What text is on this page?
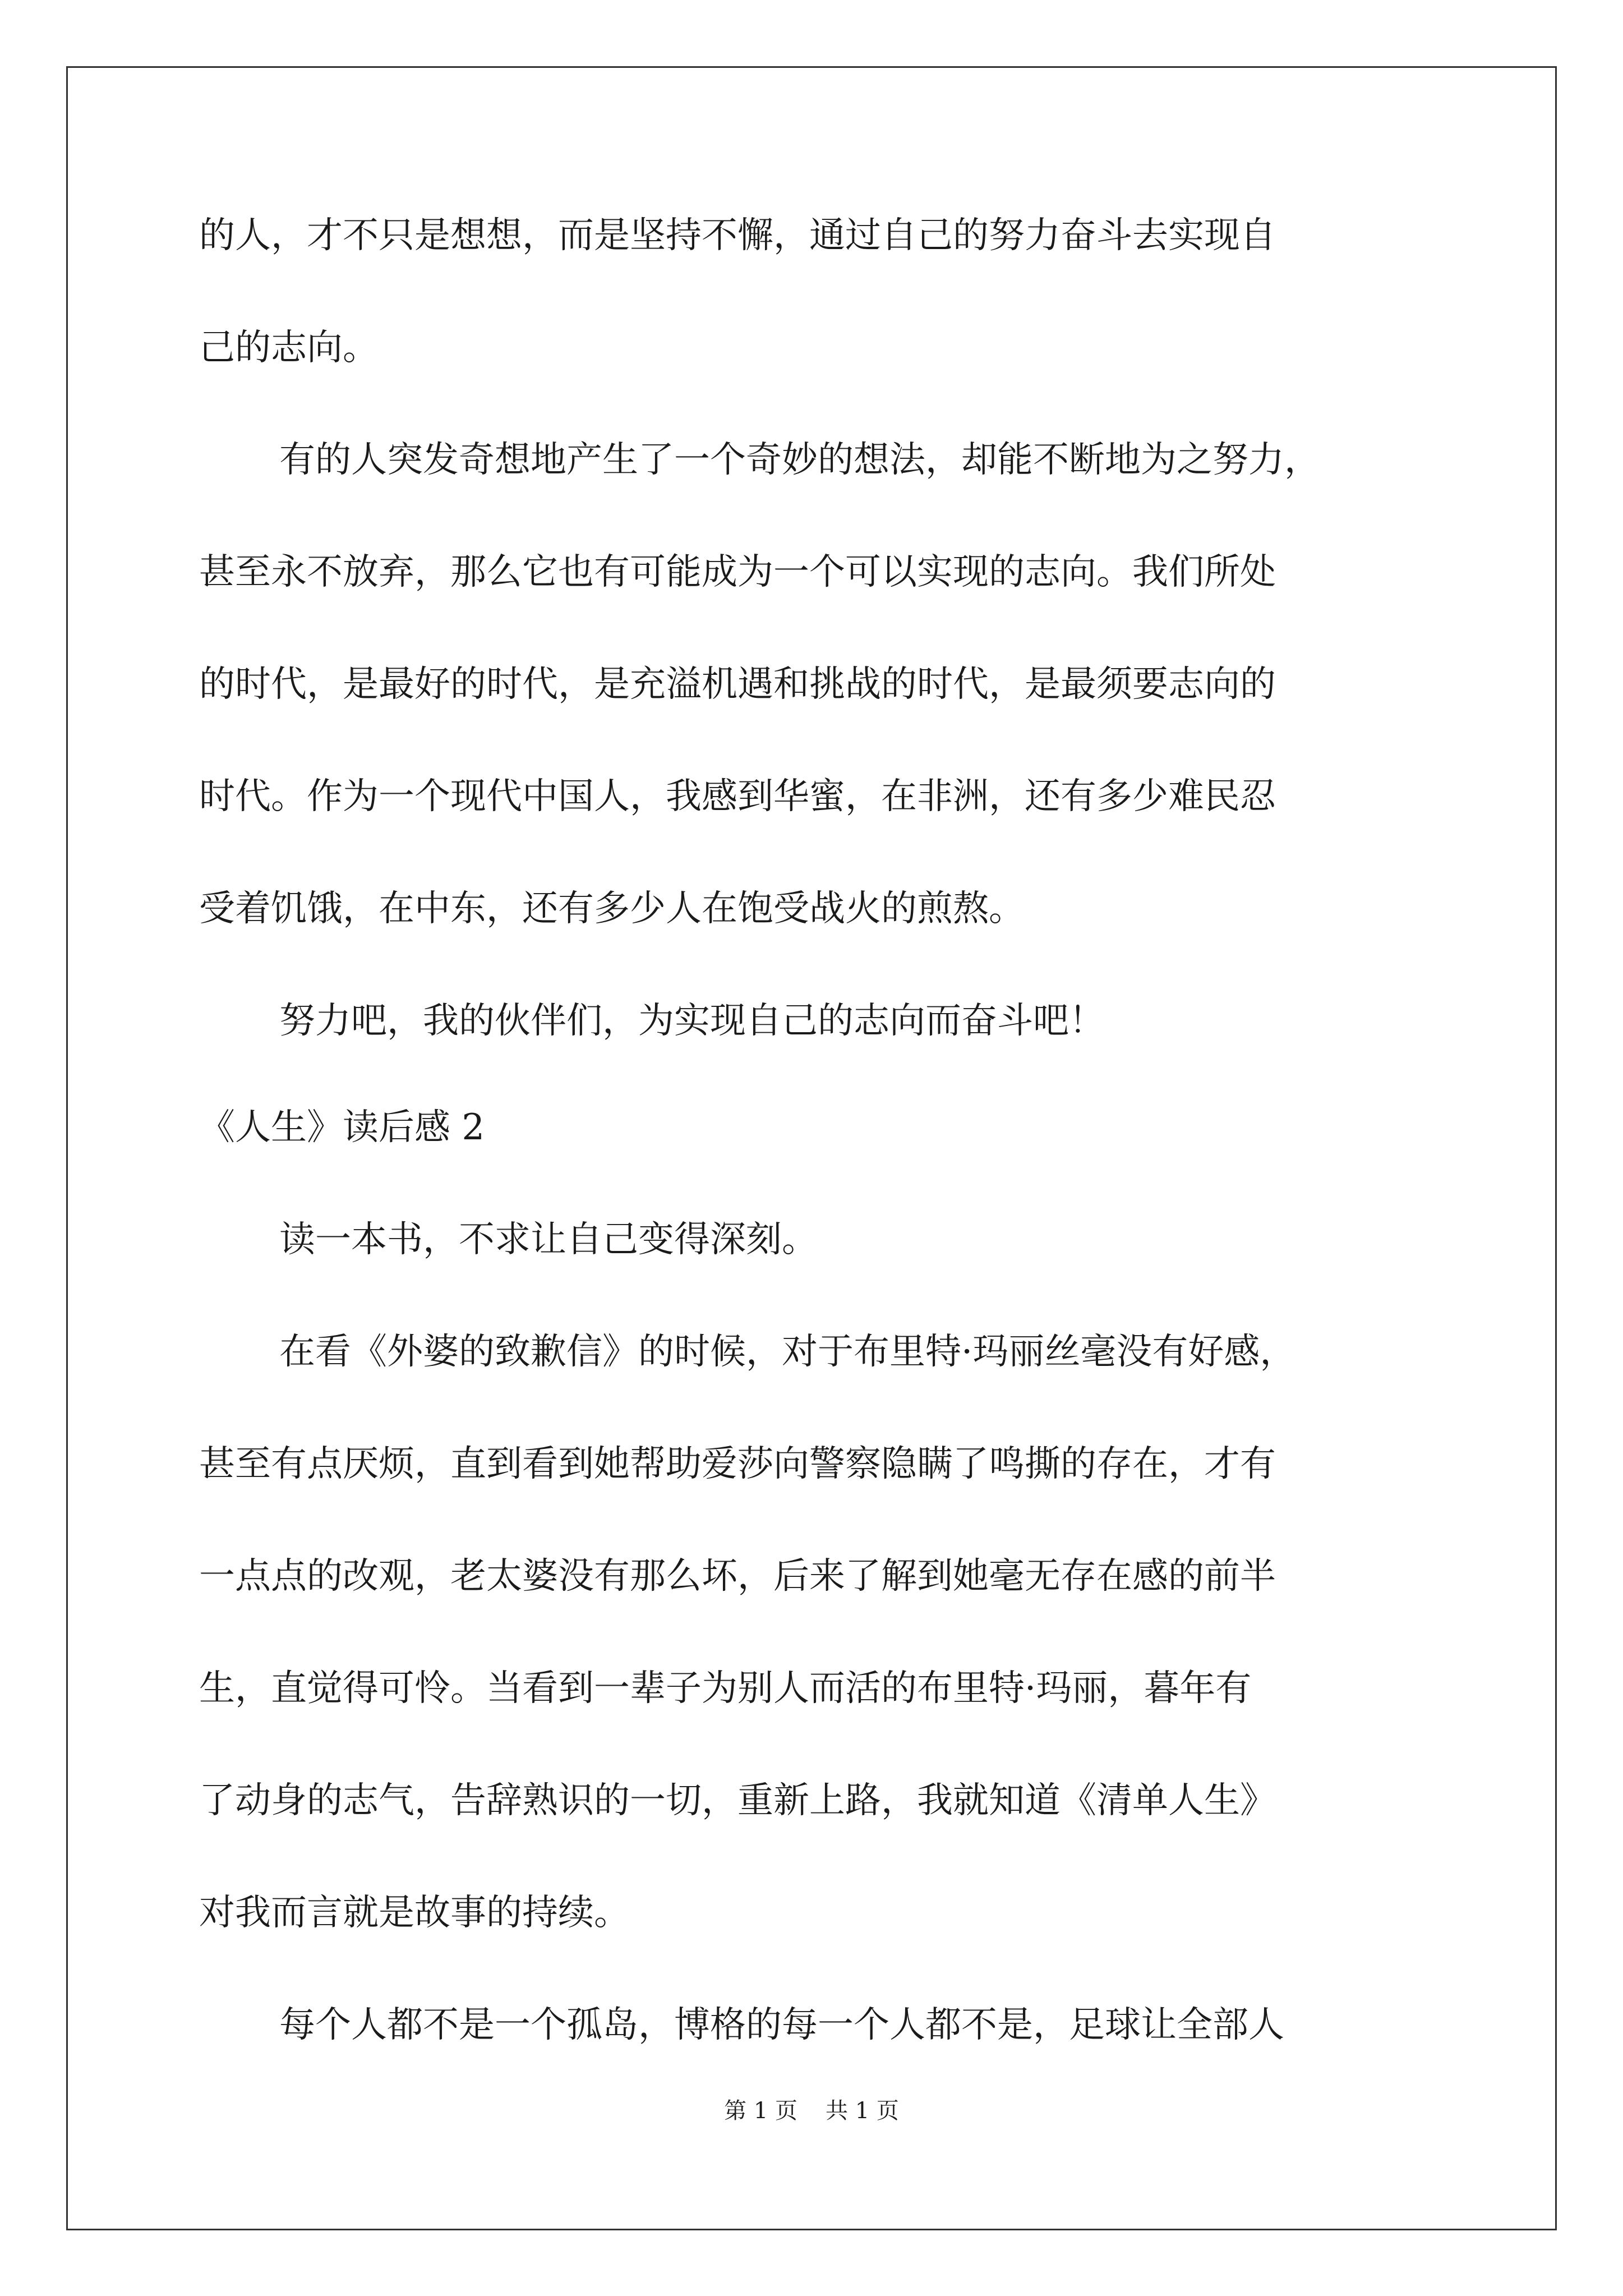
的人，才不只是想想，而是坚持不懈，通过自己的努力奋斗去实现自
己的志向。
有的人突发奇想地产生了一个奇妙的想法，却能不断地为之努力，
甚至永不放弃，那么它也有可能成为一个可以实现的志向。我们所处
的时代，是最好的时代，是充溢机遇和挑战的时代，是最须要志向的
时代。作为一个现代中国人，我感到华蜜，在非洲，还有多少难民忍
受着饥饿，在中东，还有多少人在饱受战火的煎熬。
努力吧，我的伙伴们，为实现自己的志向而奋斗吧！
《人生》读后感 2
读一本书，不求让自己变得深刻。
在看《外婆的致歉信》的时候，对于布里特·玛丽丝毫没有好感，
甚至有点厌烦，直到看到她帮助爱莎向警察隐瞒了鸣撕的存在，才有
一点点的改观，老太婆没有那么坏，后来了解到她毫无存在感的前半
生，直觉得可怜。当看到一辈子为别人而活的布里特·玛丽，暮年有
了动身的志气，告辞熟识的一切，重新上路，我就知道《清单人生》
对我而言就是故事的持续。
每个人都不是一个孤岛，博格的每一个人都不是，足球让全部人
第 1 页 共 1 页
